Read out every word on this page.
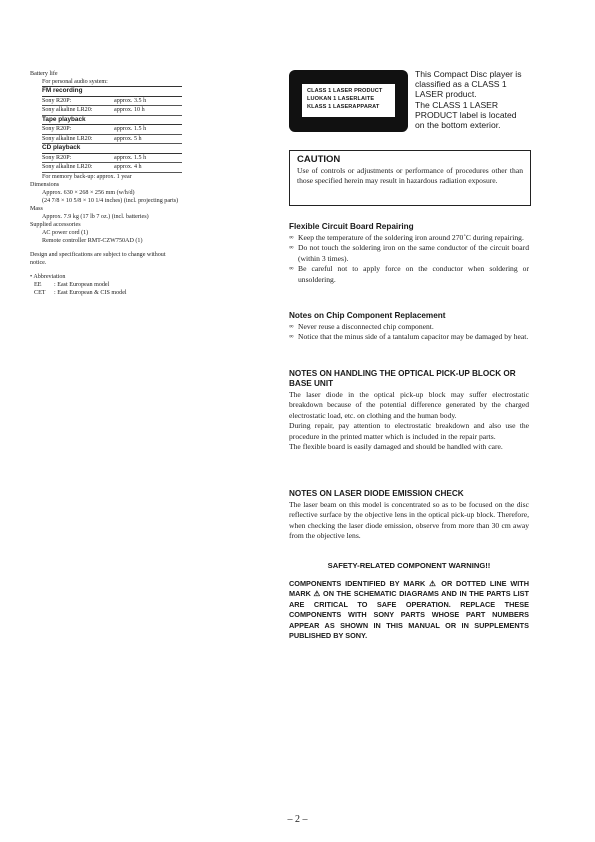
Battery life
For personal audio system:
FM recording
Sony R20P:	approx. 3.5 h
Sony alkaline LR20:	approx. 10 h
Tape playback
Sony R20P:	approx. 1.5 h
Sony alkaline LR20:	approx. 5 h
CD playback
Sony R20P:	approx. 1.5 h
Sony alkaline LR20:	approx. 4 h
For memory back-up: approx. 1 year
Dimensions
Approx. 630 × 268 × 256 mm (w/h/d)
(24 7/8 × 10 5/8 × 10 1/4 inches) (incl. projecting parts)
Mass
Approx. 7.9 kg (17 lb 7 oz.) (incl. batteries)
Supplied accessories
AC power cord (1)
Remote controller RMT-CZW750AD (1)
Design and specifications are subject to change without
notice.
• Abbreviation
EE	: East European model
CET	: East European & CIS model
CLASS 1 LASER PRODUCT
LUOKAN 1 LASERLAITE
KLASS 1 LASERAPPARAT
This Compact Disc player is
classified as a CLASS 1
LASER product.
The CLASS 1 LASER
PRODUCT label is located
on the bottom exterior.
CAUTION
Use of controls or adjustments or performance of procedures other than those specified herein may result in hazardous radiation exposure.
Flexible Circuit Board Repairing
∞ Keep the temperature of the soldering iron around 270˚C during repairing.
∞ Do not touch the soldering iron on the same conductor of the circuit board (within 3 times).
∞ Be careful not to apply force on the conductor when soldering or unsoldering.
Notes on Chip Component Replacement
∞ Never reuse a disconnected chip component.
∞ Notice that the minus side of a tantalum capacitor may be damaged by heat.
NOTES ON HANDLING THE OPTICAL PICK-UP BLOCK OR BASE UNIT
The laser diode in the optical pick-up block may suffer electrostatic breakdown because of the potential difference generated by the charged electrostatic load, etc. on clothing and the human body.
During repair, pay attention to electrostatic breakdown and also use the procedure in the printed matter which is included in the repair parts.
The flexible board is easily damaged and should be handled with care.
NOTES ON LASER DIODE EMISSION CHECK
The laser beam on this model is concentrated so as to be focused on the disc reflective surface by the objective lens in the optical pick-up block. Therefore, when checking the laser diode emission, observe from more than 30 cm away from the objective lens.
SAFETY-RELATED COMPONENT WARNING!!
COMPONENTS IDENTIFIED BY MARK ⚠ OR DOTTED LINE WITH MARK ⚠ ON THE SCHEMATIC DIAGRAMS AND IN THE PARTS LIST ARE CRITICAL TO SAFE OPERATION. REPLACE THESE COMPONENTS WITH SONY PARTS WHOSE PART NUMBERS APPEAR AS SHOWN IN THIS MANUAL OR IN SUPPLEMENTS PUBLISHED BY SONY.
– 2 –
